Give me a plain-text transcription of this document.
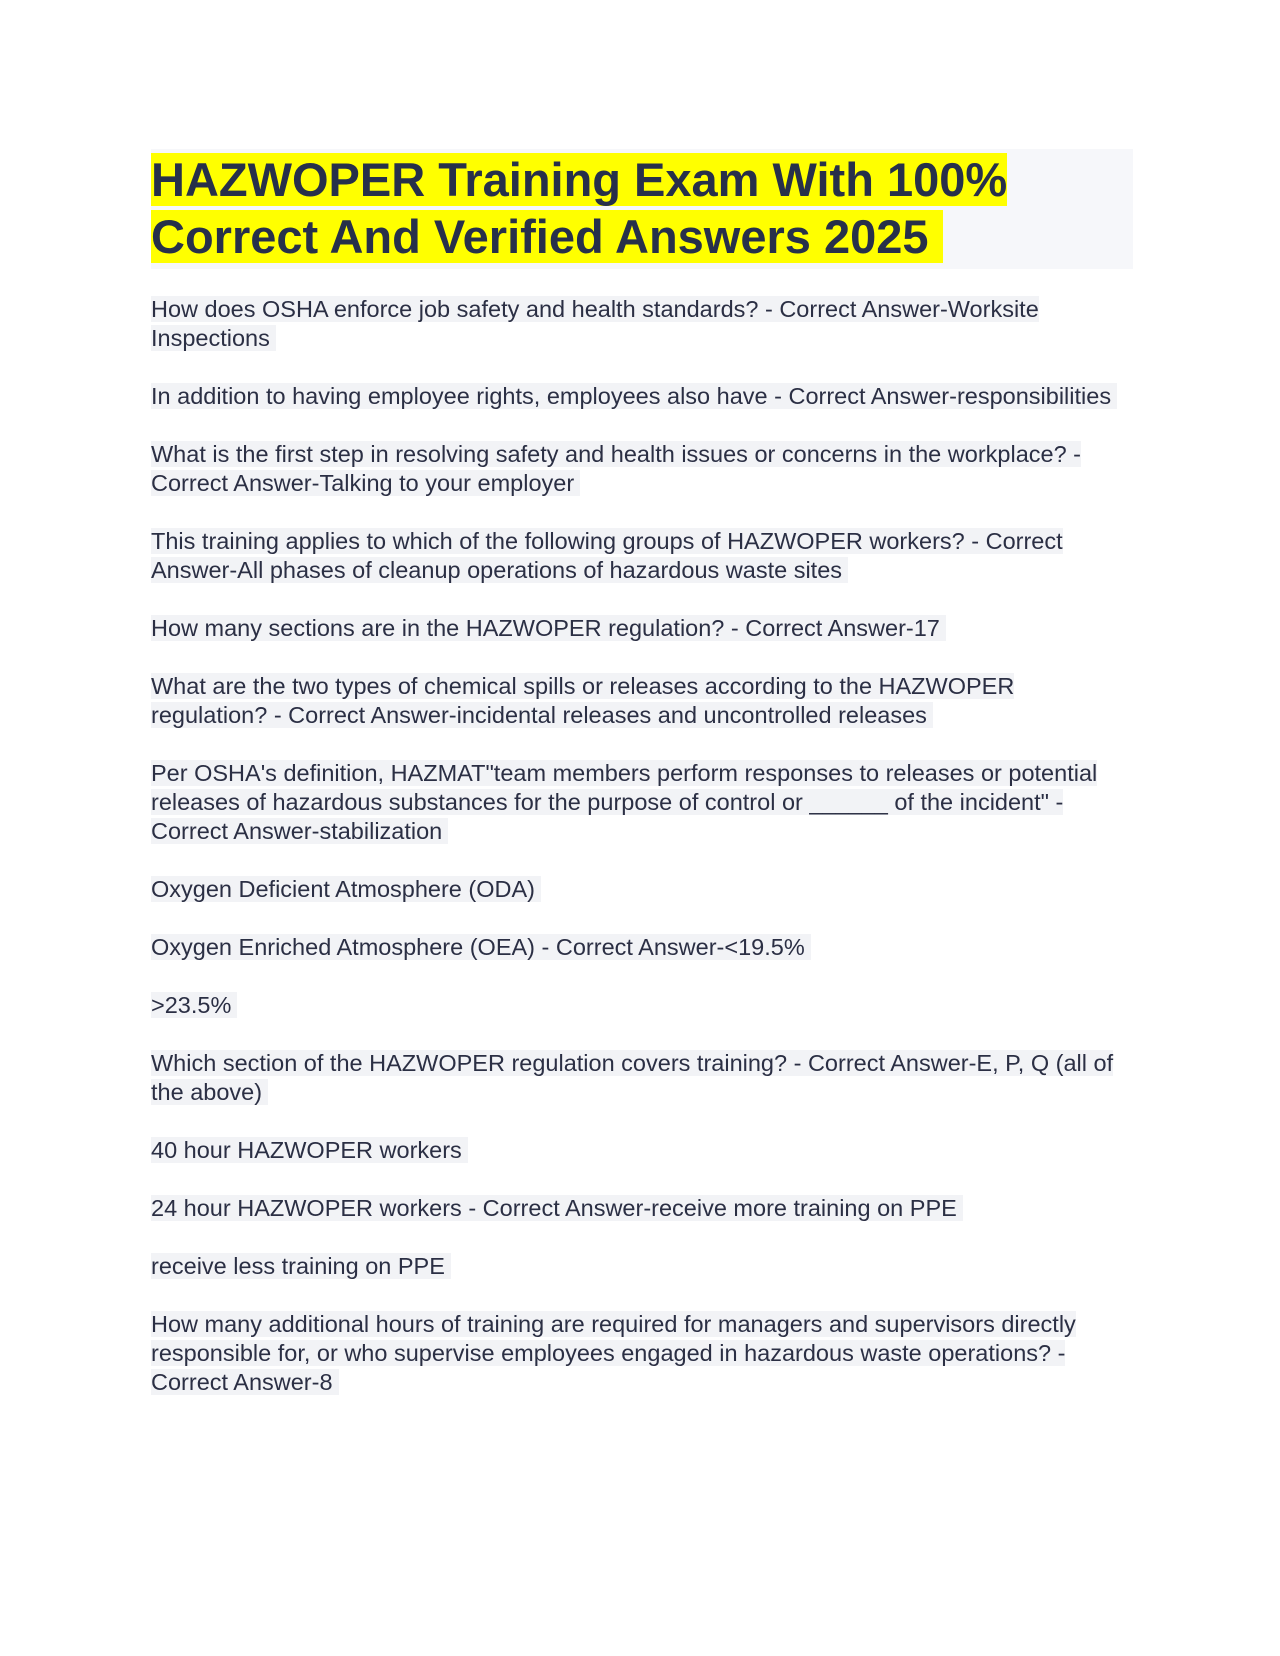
HAZWOPER Training Exam With 100% Correct And Verified Answers 2025
How does OSHA enforce job safety and health standards? - Correct Answer-Worksite Inspections
In addition to having employee rights, employees also have - Correct Answer-responsibilities
What is the first step in resolving safety and health issues or concerns in the workplace? - Correct Answer-Talking to your employer
This training applies to which of the following groups of HAZWOPER workers? - Correct Answer-All phases of cleanup operations of hazardous waste sites
How many sections are in the HAZWOPER regulation? - Correct Answer-17
What are the two types of chemical spills or releases according to the HAZWOPER regulation? - Correct Answer-incidental releases and uncontrolled releases
Per OSHA's definition, HAZMAT"team members perform responses to releases or potential releases of hazardous substances for the purpose of control or ______ of the incident" - Correct Answer-stabilization
Oxygen Deficient Atmosphere (ODA)
Oxygen Enriched Atmosphere (OEA) - Correct Answer-<19.5%
>23.5%
Which section of the HAZWOPER regulation covers training? - Correct Answer-E, P, Q (all of the above)
40 hour HAZWOPER workers
24 hour HAZWOPER workers - Correct Answer-receive more training on PPE
receive less training on PPE
How many additional hours of training are required for managers and supervisors directly responsible for, or who supervise employees engaged in hazardous waste operations? - Correct Answer-8
